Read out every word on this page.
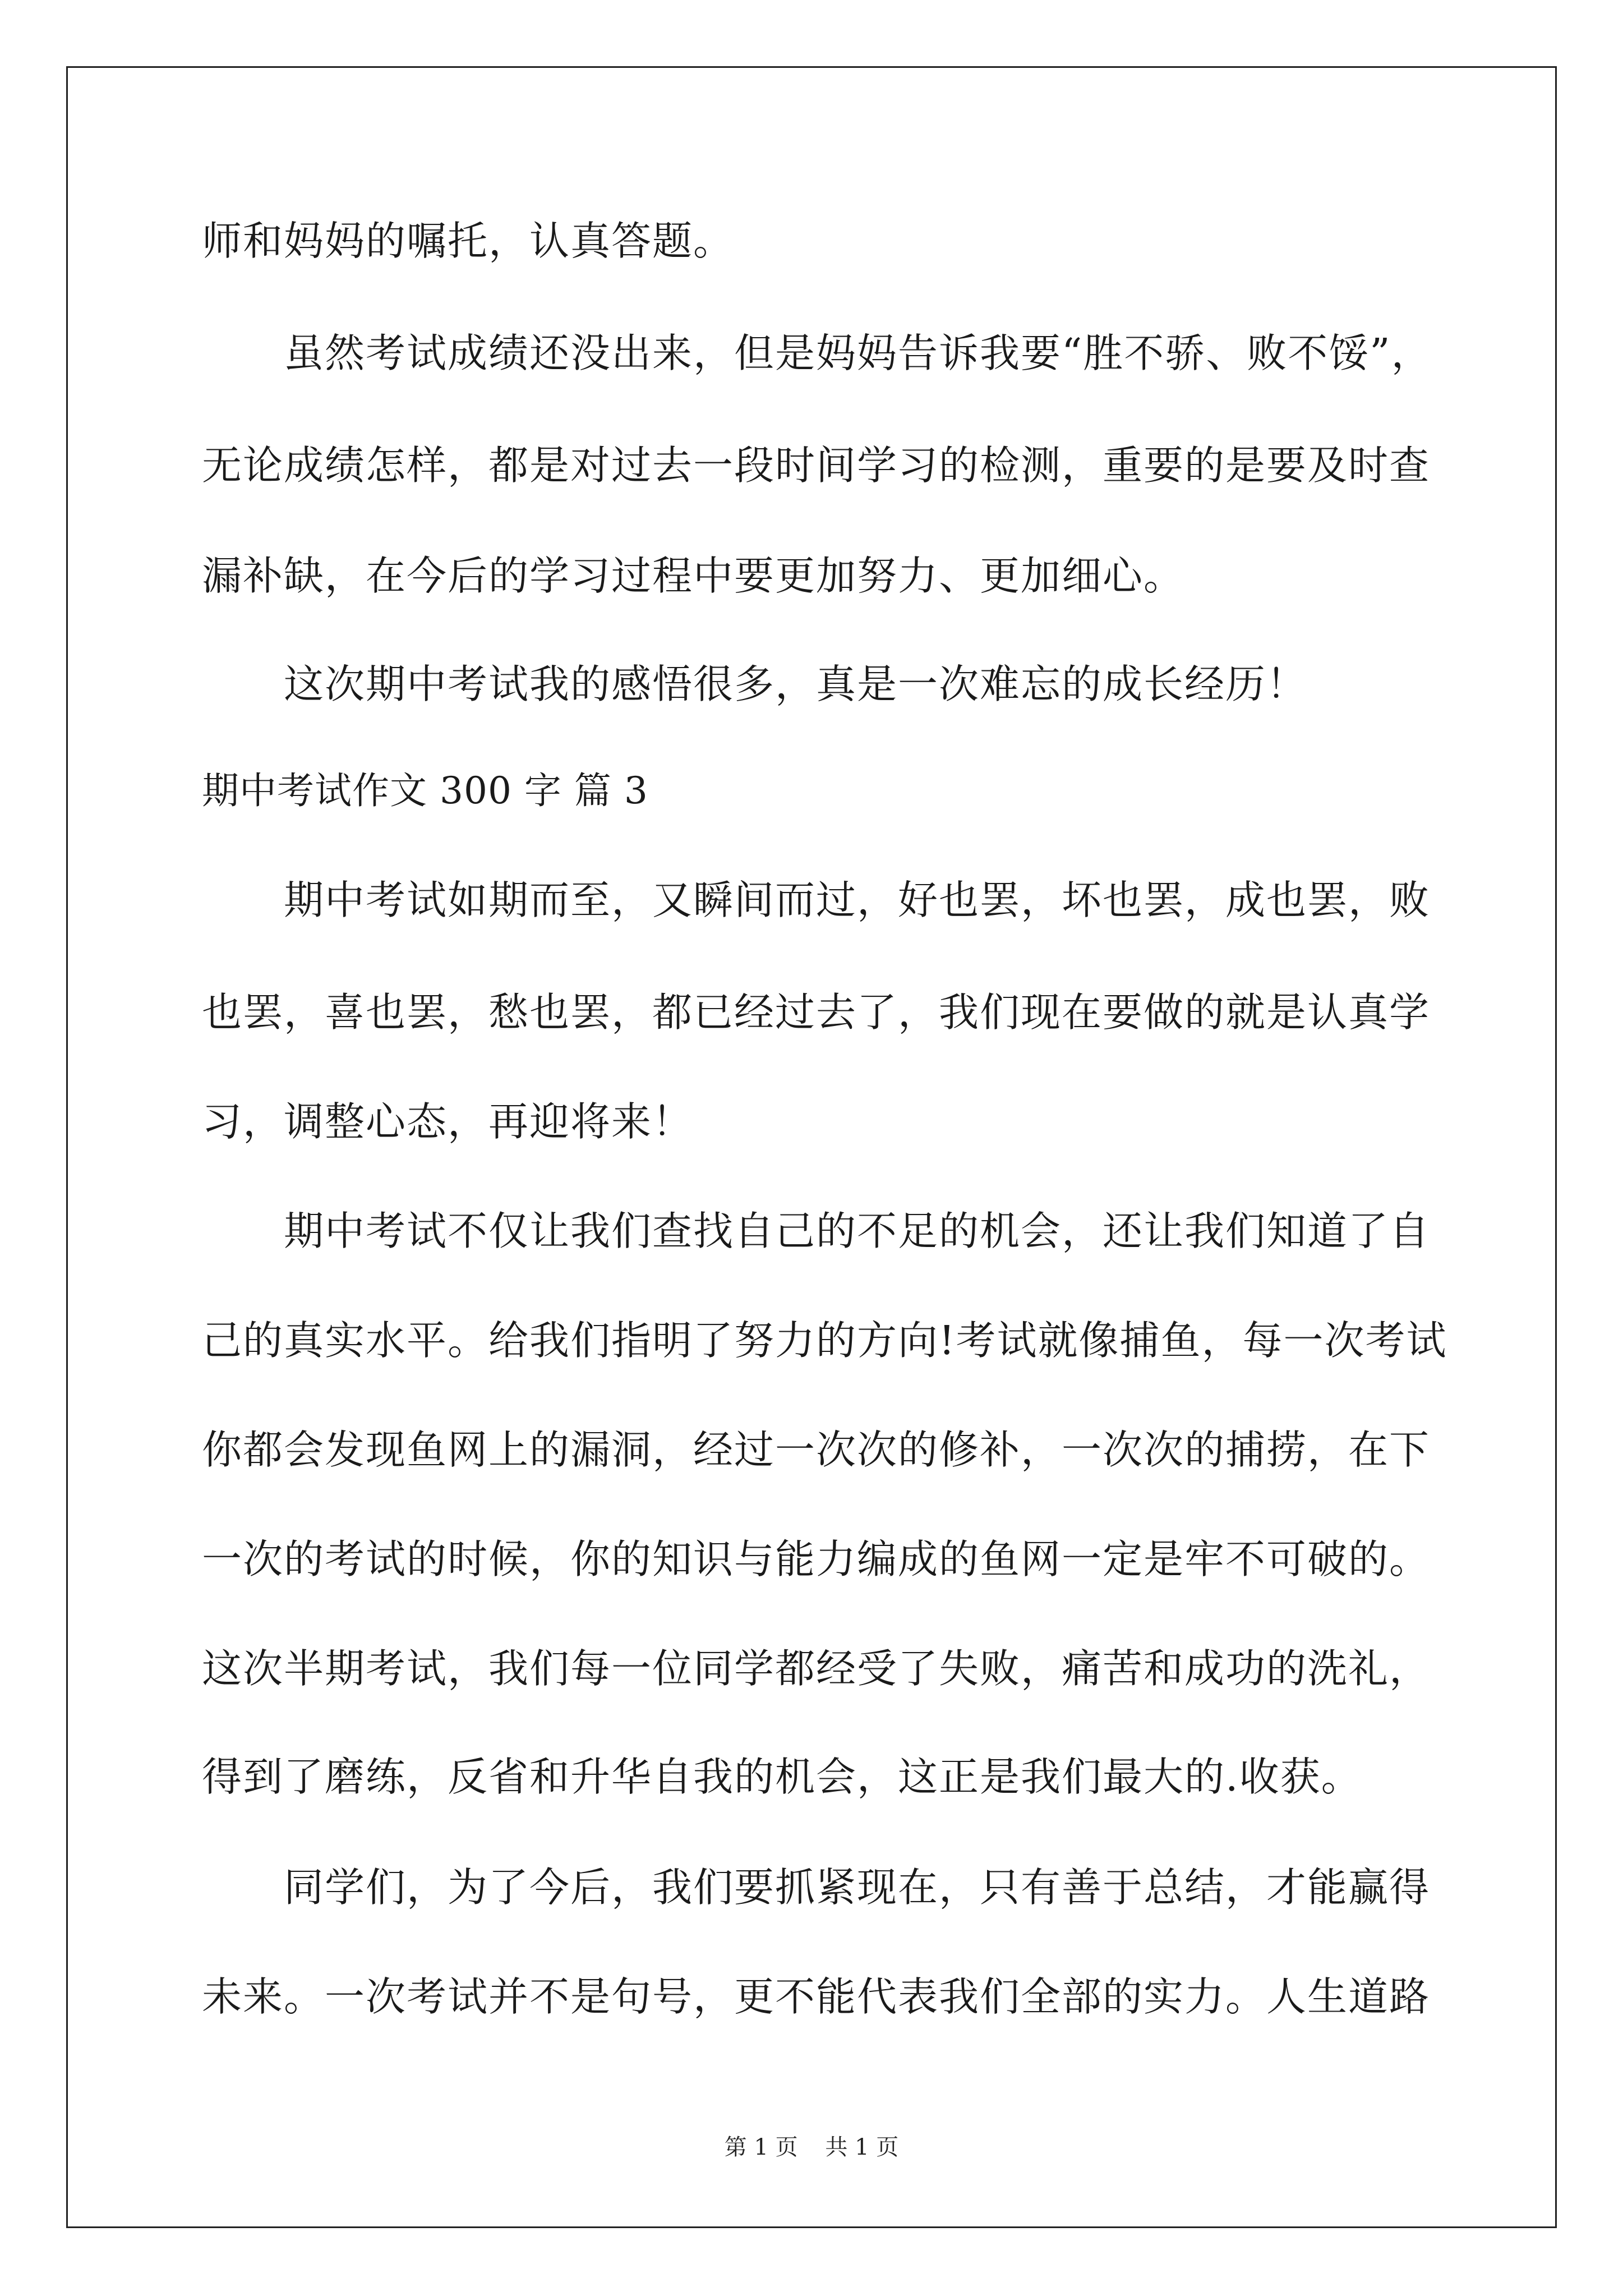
师和妈妈的嘱托，认真答题。
虽然考试成绩还没出来，但是妈妈告诉我要“胜不骄、败不馁”，
无论成绩怎样，都是对过去一段时间学习的检测，重要的是要及时查
漏补缺，在今后的学习过程中要更加努力、更加细心。
这次期中考试我的感悟很多，真是一次难忘的成长经历！
期中考试作文 300 字 篇 3
期中考试如期而至，又瞬间而过，好也罢，坏也罢，成也罢，败
也罢，喜也罢，愁也罢，都已经过去了，我们现在要做的就是认真学
习，调整心态，再迎将来！
期中考试不仅让我们查找自己的不足的机会，还让我们知道了自
己的真实水平。给我们指明了努力的方向!考试就像捕鱼，每一次考试
你都会发现鱼网上的漏洞，经过一次次的修补，一次次的捕捞，在下
一次的考试的时候，你的知识与能力编成的鱼网一定是牢不可破的。
这次半期考试，我们每一位同学都经受了失败，痛苦和成功的洗礼，
得到了磨练，反省和升华自我的机会，这正是我们最大的.收获。
同学们，为了今后，我们要抓紧现在，只有善于总结，才能赢得
未来。一次考试并不是句号，更不能代表我们全部的实力。人生道路
第 1 页 共 1 页
